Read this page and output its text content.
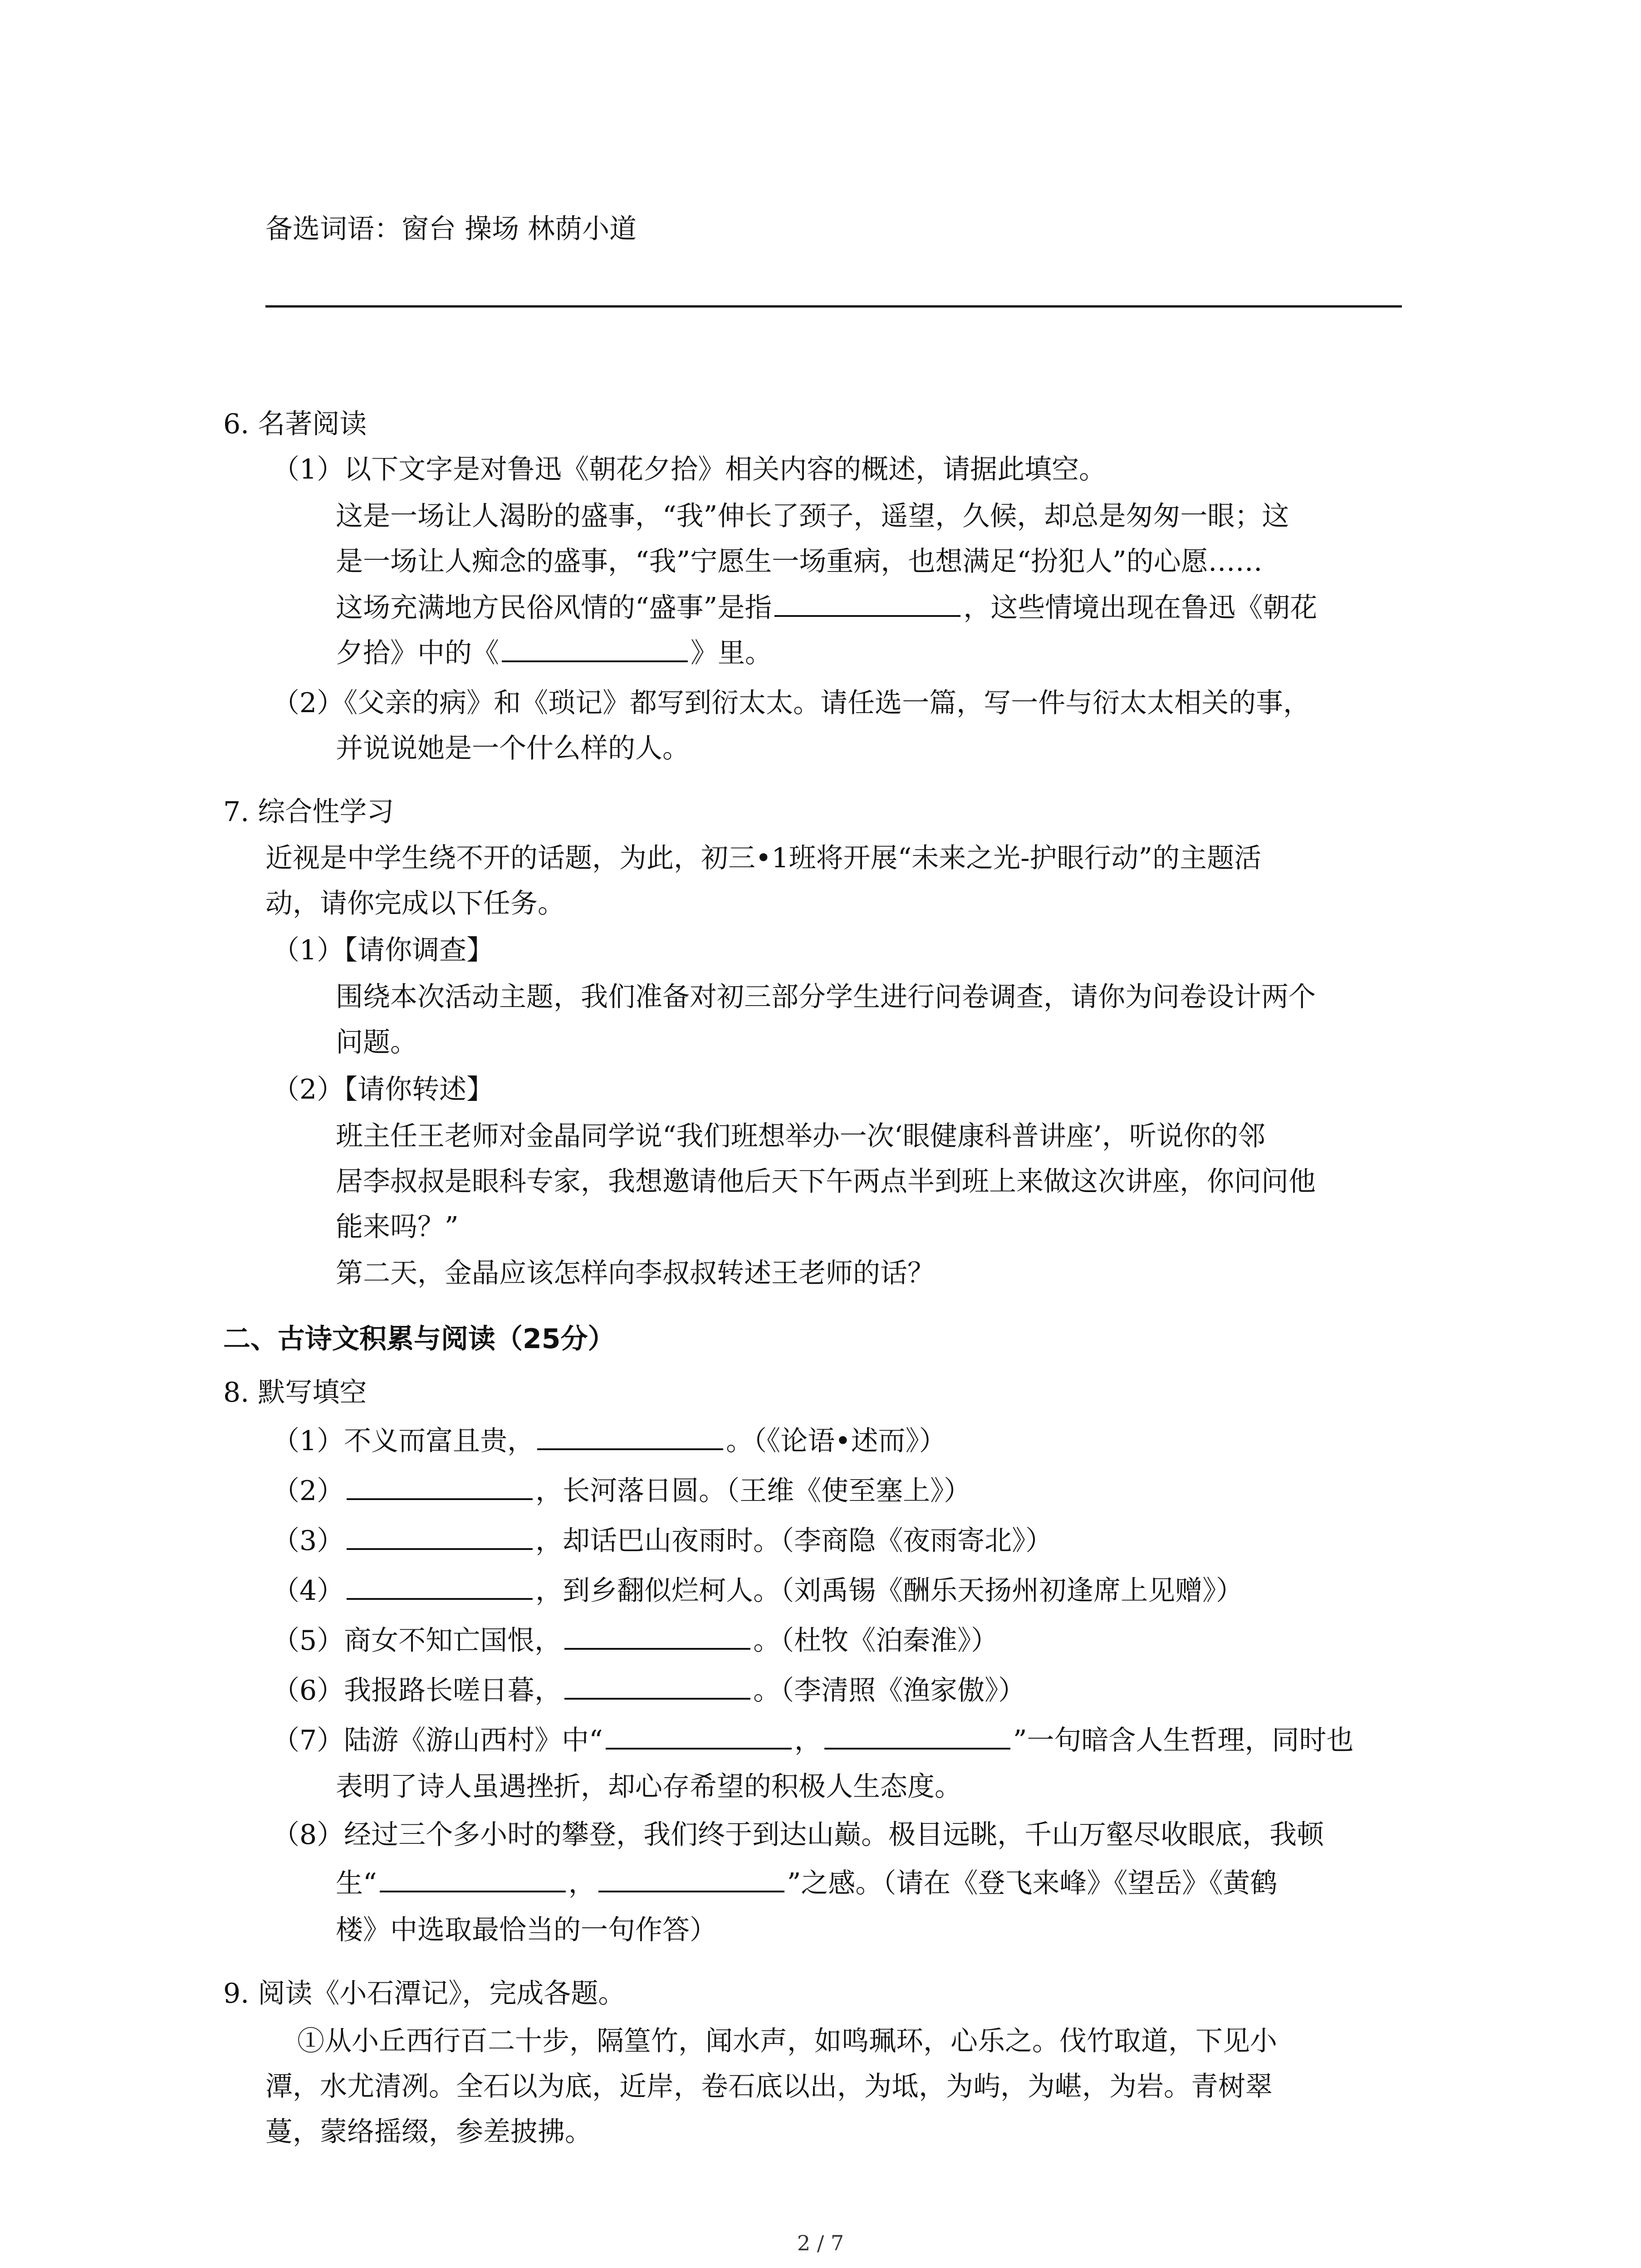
备选词语：窗台 操场 林荫小道

6. 名著阅读

（1）以下文字是对鲁迅《朝花夕拾》相关内容的概述，请据此填空。

这是一场让人渴盼的盛事，“我”伸长了颈子，遥望，久候，却总是匆匆一眼；这

是一场让人痴念的盛事，“我”宁愿生一场重病，也想满足“扮犯人”的心愿……

这场充满地方民俗风情的“盛事”是指	，这些情境出现在鲁迅《朝花

夕拾》中的《	》里。

（2）《父亲的病》和《琐记》都写到衍太太。请任选一篇，写一件与衍太太相关的事，

并说说她是一个什么样的人。

7. 综合性学习

近视是中学生绕不开的话题，为此，初三•1班将开展“未来之光-护眼行动”的主题活

动，请你完成以下任务。

（1）【请你调查】

围绕本次活动主题，我们准备对初三部分学生进行问卷调查，请你为问卷设计两个

问题。

（2）【请你转述】

班主任王老师对金晶同学说“我们班想举办一次‘眼健康科普讲座’，听说你的邻

居李叔叔是眼科专家，我想邀请他后天下午两点半到班上来做这次讲座，你问问他

能来吗？”

第二天，金晶应该怎样向李叔叔转述王老师的话？

二、古诗文积累与阅读（25分）

8. 默写填空

（1）不义而富且贵，	。（《论语•述而》）

（2）	，长河落日圆。（王维《使至塞上》）

（3）	，却话巴山夜雨时。（李商隐《夜雨寄北》）

（4）	，到乡翻似烂柯人。（刘禹锡《酬乐天扬州初逢席上见赠》）

（5）商女不知亡国恨，	。（杜牧《泊秦淮》）

（6）我报路长嗟日暮，	。（李清照《渔家傲》）

（7）陆游《游山西村》中“	，	”一句暗含人生哲理，同时也

表明了诗人虽遇挫折，却心存希望的积极人生态度。

（8）经过三个多小时的攀登，我们终于到达山巅。极目远眺，千山万壑尽收眼底，我顿

生“	，	”之感。（请在《登飞来峰》《望岳》《黄鹤

楼》中选取最恰当的一句作答）

9. 阅读《小石潭记》，完成各题。

①从小丘西行百二十步，隔篁竹，闻水声，如鸣珮环，心乐之。伐竹取道，下见小

潭，水尤清冽。全石以为底，近岸，卷石底以出，为坻，为屿，为嵁，为岩。青树翠

蔓，蒙络摇缀，参差披拂。

2 / 7
